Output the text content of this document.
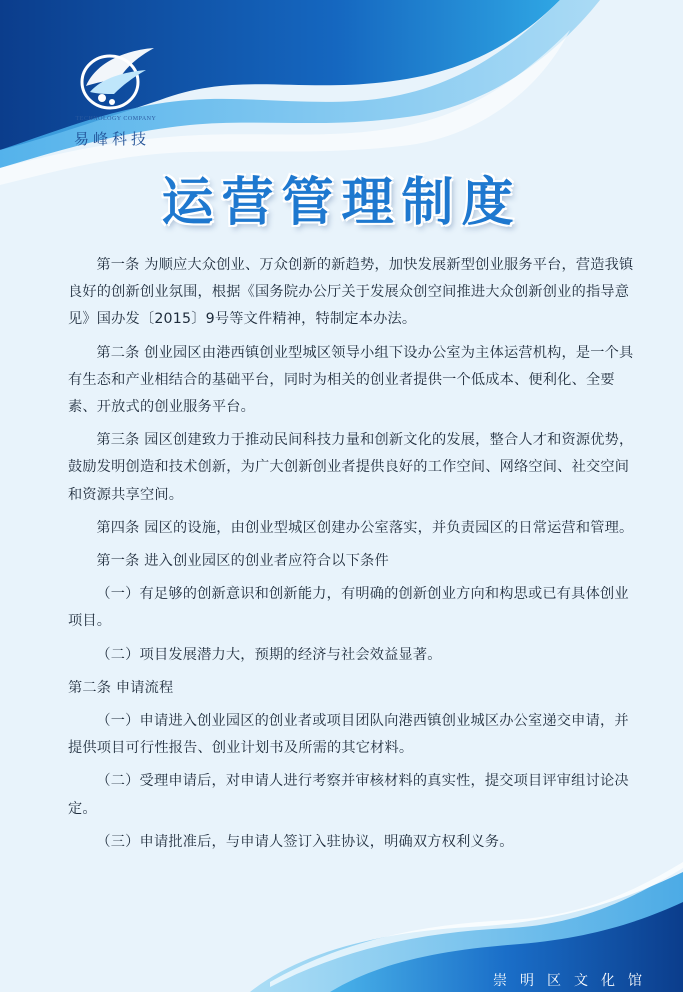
TECHNOLOGY COMPANY
易峰科技
运营管理制度

第一条 为顺应大众创业、万众创新的新趋势，加快发展新型创业服务平台，营造我镇良好的创新创业氛围，根据《国务院办公厅关于发展众创空间推进大众创新创业的指导意见》国办发〔2015〕9号等文件精神，特制定本办法。

第二条 创业园区由港西镇创业型城区领导小组下设办公室为主体运营机构，是一个具有生态和产业相结合的基础平台，同时为相关的创业者提供一个低成本、便利化、全要素、开放式的创业服务平台。

第三条 园区创建致力于推动民间科技力量和创新文化的发展，整合人才和资源优势，鼓励发明创造和技术创新，为广大创新创业者提供良好的工作空间、网络空间、社交空间和资源共享空间。

第四条 园区的设施，由创业型城区创建办公室落实，并负责园区的日常运营和管理。

第一条 进入创业园区的创业者应符合以下条件

（一）有足够的创新意识和创新能力，有明确的创新创业方向和构思或已有具体创业项目。

（二）项目发展潜力大，预期的经济与社会效益显著。

第二条 申请流程

（一）申请进入创业园区的创业者或项目团队向港西镇创业城区办公室递交申请，并提供项目可行性报告、创业计划书及所需的其它材料。

（二）受理申请后，对申请人进行考察并审核材料的真实性，提交项目评审组讨论决定。

（三）申请批准后，与申请人签订入驻协议，明确双方权利义务。

崇明区文化馆
